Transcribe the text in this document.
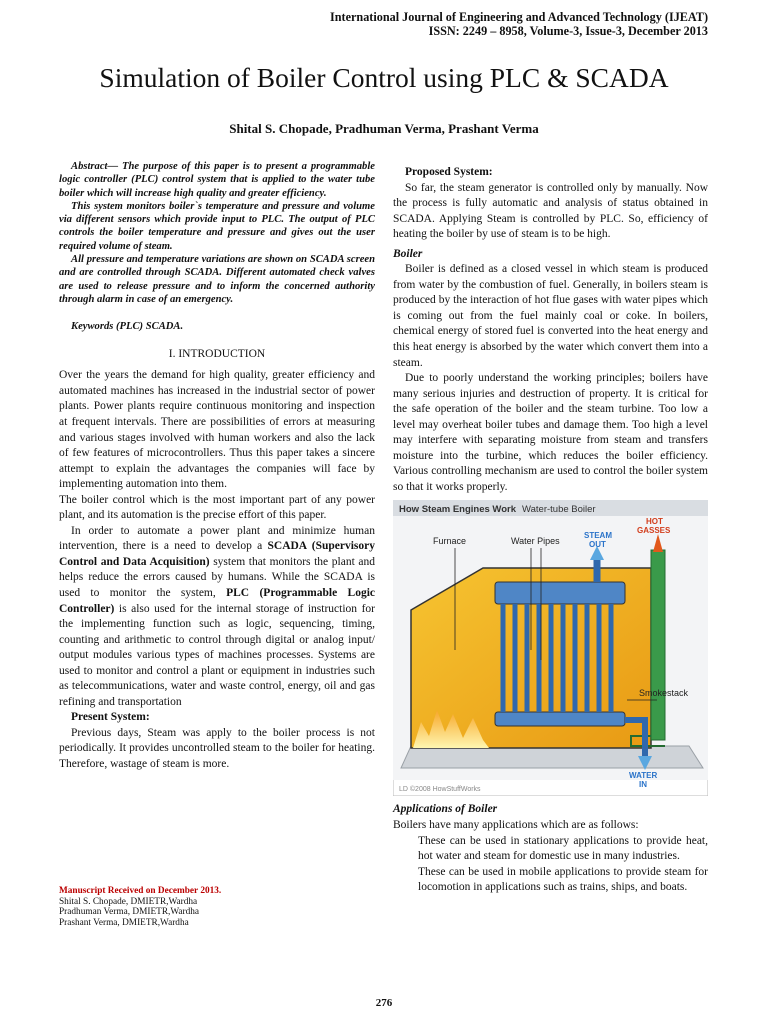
International Journal of Engineering and Advanced Technology (IJEAT)
ISSN: 2249 – 8958, Volume-3, Issue-3, December 2013
Simulation of Boiler Control using PLC & SCADA
Shital S. Chopade, Pradhuman Verma, Prashant Verma

Abstract— The purpose of this paper is to present a programmable logic controller (PLC) control system that is applied to the water tube boiler which will increase high quality and greater efficiency.

This system monitors boiler`s temperature and pressure and volume via different sensors which provide input to PLC. The output of PLC controls the boiler temperature and pressure and gives out the user required volume of steam.

All pressure and temperature variations are shown on SCADA screen and are controlled through SCADA. Different automated check valves are used to release pressure and to inform the concerned authority through alarm in case of an emergency.

Keywords (PLC) SCADA.

I. INTRODUCTION

Over the years the demand for high quality, greater efficiency and automated machines has increased in the industrial sector of power plants. Power plants require continuous monitoring and inspection at frequent intervals. There are possibilities of errors at measuring and various stages involved with human workers and also the lack of few features of microcontrollers. Thus this paper takes a sincere attempt to explain the advantages the companies will face by implementing automation into them.

The boiler control which is the most important part of any power plant, and its automation is the precise effort of this paper.

In order to automate a power plant and minimize human intervention, there is a need to develop a SCADA (Supervisory Control and Data Acquisition) system that monitors the plant and helps reduce the errors caused by humans. While the SCADA is used to monitor the system, PLC (Programmable Logic Controller) is also used for the internal storage of instruction for the implementing function such as logic, sequencing, timing, counting and arithmetic to control through digital or analog input/ output modules various types of machines processes. Systems are used to monitor and control a plant or equipment in industries such as telecommunications, water and waste control, energy, oil and gas refining and transportation

Present System:

Previous days, Steam was apply to the boiler process is not periodically. It provides uncontrolled steam to the boiler for heating. Therefore, wastage of steam is more.

Manuscript Received on December 2013.
Shital S. Chopade, DMIETR,Wardha
Pradhuman Verma, DMIETR,Wardha
Prashant Verma, DMIETR,Wardha
Proposed System:

So far, the steam generator is controlled only by manually. Now the process is fully automatic and analysis of status obtained in SCADA. Applying Steam is controlled by PLC. So, efficiency of heating the boiler by use of steam is to be high.

Boiler

Boiler is defined as a closed vessel in which steam is produced from water by the combustion of fuel. Generally, in boilers steam is produced by the interaction of hot flue gases with water pipes which is coming out from the fuel mainly coal or coke. In boilers, chemical energy of stored fuel is converted into the heat energy and this heat energy is absorbed by the water which convert them into a steam.

Due to poorly understand the working principles; boilers have many serious injuries and destruction of property. It is critical for the safe operation of the boiler and the steam turbine. Too low a level may overheat boiler tubes and damage them. Too high a level may interfere with separating moisture from steam and transfers moisture into the turbine, which reduces the boiler efficiency. Various controlling mechanism are used to control the boiler system so that it works properly.

How Steam Engines Work Water-tube Boiler
Furnace	Water Pipes
STEAM
OUT
HOT
GASSES
Smokestack
WATER
IN
LD ©2008 HowStuffWorks
Applications of Boiler

Boilers have many applications which are as follows:

These can be used in stationary applications to provide heat, hot water and steam for domestic use in many industries.
These can be used in mobile applications to provide steam for locomotion in applications such as trains, ships, and boats.
276
